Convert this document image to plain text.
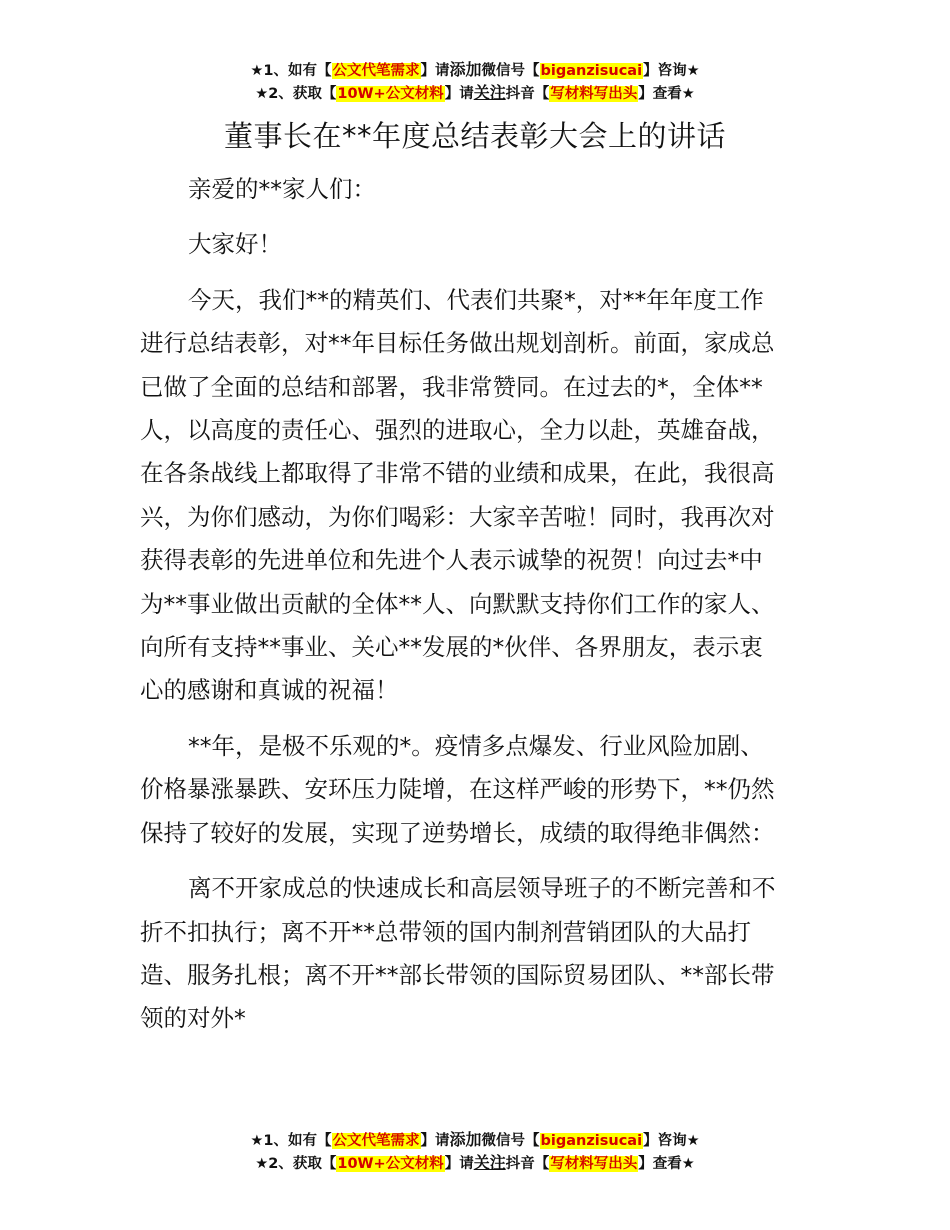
★1、如有【公文代笔需求】请添加微信号【biganzisucai】咨询★
★2、获取【10W+公文材料】请关注抖音【写材料写出头】查看★
董事长在**年度总结表彰大会上的讲话
亲爱的**家人们：
大家好！
今天，我们**的精英们、代表们共聚*，对**年年度工作
进行总结表彰，对**年目标任务做出规划剖析。前面，家成总
已做了全面的总结和部署，我非常赞同。在过去的*，全体**
人，以高度的责任心、强烈的进取心，全力以赴，英雄奋战，
在各条战线上都取得了非常不错的业绩和成果，在此，我很高
兴，为你们感动，为你们喝彩：大家辛苦啦！同时，我再次对
获得表彰的先进单位和先进个人表示诚挚的祝贺！向过去*中
为**事业做出贡献的全体**人、向默默支持你们工作的家人、
向所有支持**事业、关心**发展的*伙伴、各界朋友，表示衷
心的感谢和真诚的祝福！
**年，是极不乐观的*。疫情多点爆发、行业风险加剧、
价格暴涨暴跌、安环压力陡增，在这样严峻的形势下，**仍然
保持了较好的发展，实现了逆势增长，成绩的取得绝非偶然：
离不开家成总的快速成长和高层领导班子的不断完善和不
折不扣执行；离不开**总带领的国内制剂营销团队的大品打
造、服务扎根；离不开**部长带领的国际贸易团队、**部长带
领的对外*
★1、如有【公文代笔需求】请添加微信号【biganzisucai】咨询★
★2、获取【10W+公文材料】请关注抖音【写材料写出头】查看★
